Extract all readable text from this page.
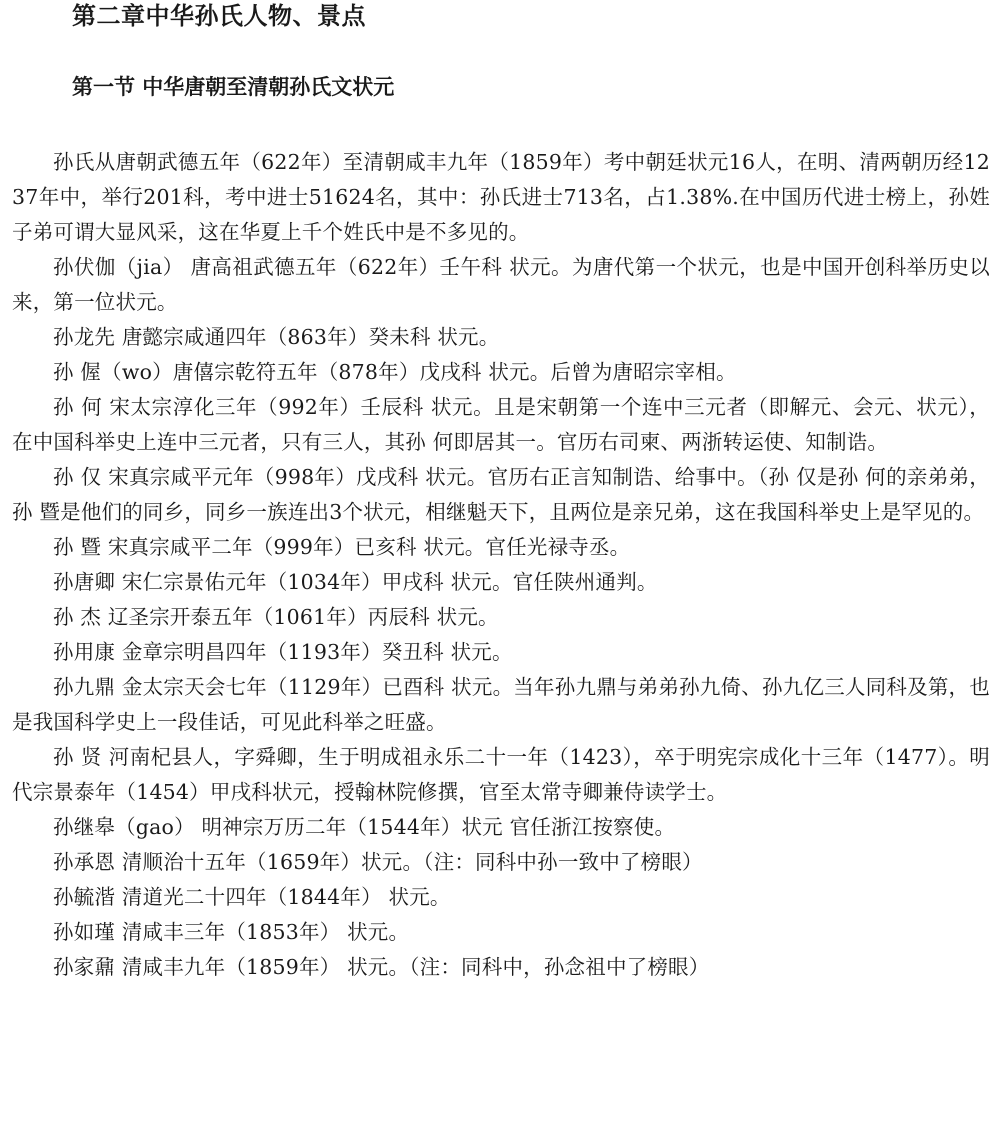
第二章中华孙氏人物、景点
第一节 中华唐朝至清朝孙氏文状元

孙氏从唐朝武德五年（622年）至清朝咸丰九年（1859年）考中朝廷状元16人，在明、清两朝历经1237年中，举行201科，考中进士51624名，其中：孙氏进士713名，占1.38%.在中国历代进士榜上，孙姓子弟可谓大显风采，这在华夏上千个姓氏中是不多见的。

孙伏伽（jia） 唐高祖武德五年（622年）壬午科 状元。为唐代第一个状元，也是中国开创科举历史以来，第一位状元。

孙龙先 唐懿宗咸通四年（863年）癸未科 状元。

孙 偓（wo）唐僖宗乾符五年（878年）戊戌科 状元。后曾为唐昭宗宰相。

孙 何 宋太宗淳化三年（992年）壬辰科 状元。且是宋朝第一个连中三元者（即解元、会元、状元），在中国科举史上连中三元者，只有三人，其孙 何即居其一。官历右司柬、两浙转运使、知制诰。

孙 仅 宋真宗咸平元年（998年）戊戌科 状元。官历右正言知制诰、给事中。（孙 仅是孙 何的亲弟弟，孙 暨是他们的同乡，同乡一族连出3个状元，相继魁天下，且两位是亲兄弟，这在我国科举史上是罕见的。

孙 暨 宋真宗咸平二年（999年）已亥科 状元。官任光禄寺丞。

孙唐卿 宋仁宗景佑元年（1034年）甲戌科 状元。官任陕州通判。

孙 杰 辽圣宗开泰五年（1061年）丙辰科 状元。

孙用康 金章宗明昌四年（1193年）癸丑科 状元。

孙九鼎 金太宗天会七年（1129年）已酉科 状元。当年孙九鼎与弟弟孙九倚、孙九亿三人同科及第，也是我国科学史上一段佳话，可见此科举之旺盛。

孙 贤 河南杞县人，字舜卿，生于明成祖永乐二十一年（1423），卒于明宪宗成化十三年（1477）。明代宗景泰年（1454）甲戌科状元，授翰林院修撰，官至太常寺卿兼侍读学士。

孙继皋（gao） 明神宗万历二年（1544年）状元 官任浙江按察使。

孙承恩 清顺治十五年（1659年）状元。（注：同科中孙一致中了榜眼）

孙毓湝 清道光二十四年（1844年） 状元。

孙如瑾 清咸丰三年（1853年） 状元。

孙家鼐 清咸丰九年（1859年） 状元。（注：同科中，孙念祖中了榜眼）
